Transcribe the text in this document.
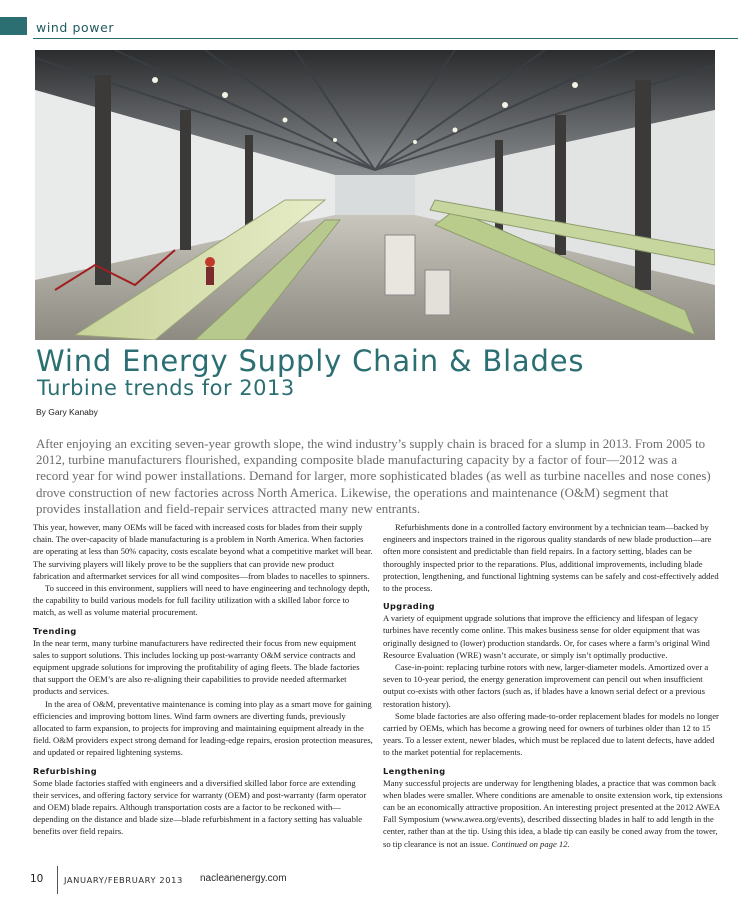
wind power
Wind Energy Supply Chain & Blades
Turbine trends for 2013
By Gary Kanaby

After enjoying an exciting seven-year growth slope, the wind industry’s supply chain is braced for a slump in 2013. From 2005 to 2012, turbine manufacturers flourished, expanding composite blade manufacturing capacity by a factor of four—2012 was a record year for wind power installations. Demand for larger, more sophisticated blades (as well as turbine nacelles and nose cones) drove construction of new factories across North America. Likewise, the operations and maintenance (O&M) segment that provides installation and field-repair services attracted many new entrants.

This year, however, many OEMs will be faced with increased costs for blades from their supply chain. The over-capacity of blade manufacturing is a problem in North America. When factories are operating at less than 50% capacity, costs escalate beyond what a competitive market will bear. The surviving players will likely prove to be the suppliers that can provide new product fabrication and aftermarket services for all wind composites—from blades to nacelles to spinners.

To succeed in this environment, suppliers will need to have engineering and technology depth, the capability to build various models for full facility utilization with a skilled labor force to match, as well as volume material procurement.

Trending

In the near term, many turbine manufacturers have redirected their focus from new equipment sales to support solutions. This includes locking up post-warranty O&M service contracts and equipment upgrade solutions for improving the profitability of aging fleets. The blade factories that support the OEM’s are also re-aligning their capabilities to provide needed aftermarket products and services.

In the area of O&M, preventative maintenance is coming into play as a smart move for gaining efficiencies and improving bottom lines. Wind farm owners are diverting funds, previously allocated to farm expansion, to projects for improving and maintaining equipment already in the field. O&M providers expect strong demand for leading-edge repairs, erosion protection measures, and updated or repaired lightening systems.

Refurbishing

Some blade factories staffed with engineers and a diversified skilled labor force are extending their services, and offering factory service for warranty (OEM) and post-warranty (farm operator and OEM) blade repairs. Although transportation costs are a factor to be reckoned with—depending on the distance and blade size—blade refurbishment in a factory setting has valuable benefits over field repairs.

Refurbishments done in a controlled factory environment by a technician team—backed by engineers and inspectors trained in the rigorous quality standards of new blade production—are often more consistent and predictable than field repairs. In a factory setting, blades can be thoroughly inspected prior to the reparations. Plus, additional improvements, including blade protection, lengthening, and functional lightning systems can be safely and cost-effectively added to the process.

Upgrading

A variety of equipment upgrade solutions that improve the efficiency and lifespan of legacy turbines have recently come online. This makes business sense for older equipment that was originally designed to (lower) production standards. Or, for cases where a farm’s original Wind Resource Evaluation (WRE) wasn’t accurate, or simply isn’t optimally productive.

Case-in-point: replacing turbine rotors with new, larger-diameter models. Amortized over a seven to 10-year period, the energy generation improvement can pencil out when insufficient output co-exists with other factors (such as, if blades have a known serial defect or a previous restoration history).

Some blade factories are also offering made-to-order replacement blades for models no longer carried by OEMs, which has become a growing need for owners of turbines older than 12 to 15 years. To a lesser extent, newer blades, which must be replaced due to latent defects, have added to the market potential for replacements.

Lengthening

Many successful projects are underway for lengthening blades, a practice that was common back when blades were smaller. Where conditions are amenable to onsite extension work, tip extensions can be an economically attractive proposition. An interesting project presented at the 2012 AWEA Fall Symposium (www.awea.org/events), described dissecting blades in half to add length in the center, rather than at the tip. Using this idea, a blade tip can easily be coned away from the tower, so tip clearance is not an issue. Continued on page 12.

10 JANUARY/FEBRUARY 2013 nacleanenergy.com
